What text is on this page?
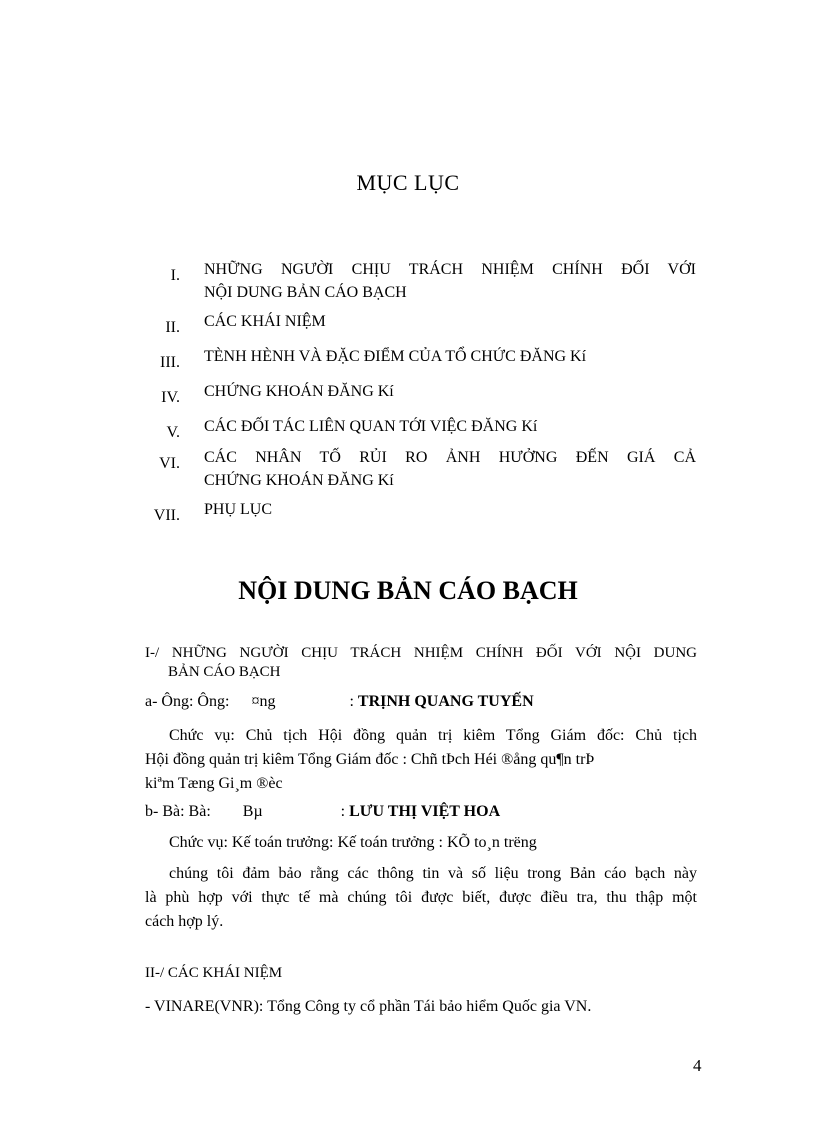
MỤC LỤC
I. NHỮNG NGƯỜI CHỊU TRÁCH NHIỆM CHÍNH ĐỐI VỚI
NỘI DUNG BẢN CÁO BẠCH
II. CÁC KHÁI NIỆM
III. TÈNH HÈNH VÀ ĐẶC ĐIỂM CỦA TỔ CHỨC ĐĂNG Kí
IV. CHỨNG KHOÁN ĐĂNG Kí
V. CÁC ĐỐI TÁC LIÊN QUAN TỚI VIỆC ĐĂNG Kí
VI. CÁC NHÂN TỐ RỦI RO ẢNH HƯỞNG ĐẾN GIÁ CẢ
CHỨNG KHOÁN ĐĂNG Kí
VII. PHỤ LỤC
NỘI DUNG BẢN CÁO BẠCH
I-/ NHỮNG NGƯỜI CHỊU TRÁCH NHIỆM CHÍNH ĐỐI VỚI NỘI DUNG
BẢN CÁO BẠCH
a- Ông: Ông: ¤ng	: TRỊNH QUANG TUYẾN
Chức vụ: Chủ tịch Hội đồng quản trị kiêm Tổng Giám đốc: Chủ tịch
Hội đồng quản trị kiêm Tổng Giám đốc : Chñ tÞch Héi ®ång qu¶n trÞ
kiªm Tæng Gi¸m ®èc
b- Bà: Bà: Bµ	: LƯU THỊ VIỆT HOA
Chức vụ: Kế toán trưởng: Kế toán trưởng : KÕ to¸n trëng
chúng tôi đảm bảo rằng các thông tin và số liệu trong Bản cáo bạch này
là phù hợp với thực tế mà chúng tôi được biết, được điều tra, thu thập một
cách hợp lý.
II-/ CÁC KHÁI NIỆM
- VINARE(VNR): Tổng Công ty cổ phần Tái bảo hiểm Quốc gia VN.
4
